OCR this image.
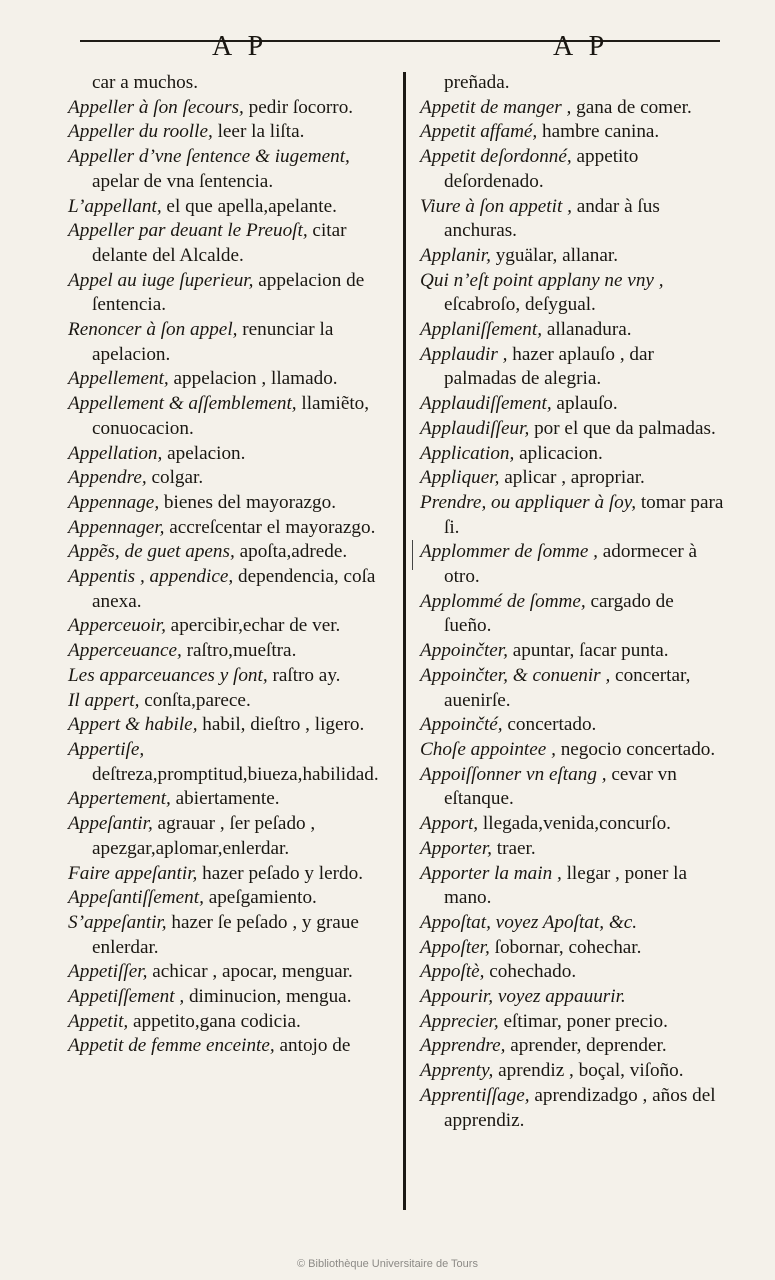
A P	A P

car a muchos.

Appeller à ſon ſecours, pedir ſocorro.

Appeller du roolle, leer la liſta.

Appeller d’vne ſentence & iugement, apelar de vna ſentencia.

L’appellant, el que apella,apelante.

Appeller par deuant le Preuoſt, citar delante del Alcalde.

Appel au iuge ſuperieur, appelacion de ſentencia.

Renoncer à ſon appel, renunciar la apelacion.

Appellement, appelacion , llamado.

Appellement & aſſemblement, llamiẽto, conuocacion.

Appellation, apelacion.

Appendre, colgar.

Appennage, bienes del mayorazgo.

Appennager, accreſcentar el mayorazgo.

Appẽs, de guet apens, apoſta,adrede.

Appentis , appendice, dependencia, coſa anexa.

Apperceuoir, apercibir,echar de ver.

Apperceuance, raſtro,mueſtra.

Les apparceuances y ſont, raſtro ay.

Il appert, conſta,parece.

Appert & habile, habil, dieſtro , ligero.

Appertiſe, deſtreza,promptitud,biueza,habilidad.

Appertement, abiertamente.

Appeſantir, agrauar , ſer peſado , apezgar,aplomar,enlerdar.

Faire appeſantir, hazer peſado y lerdo.

Appeſantiſſement, apeſgamiento.

S’appeſantir, hazer ſe peſado , y graue enlerdar.

Appetiſſer, achicar , apocar, menguar.

Appetiſſement , diminucion, mengua.

Appetit, appetito,gana codicia.

Appetit de femme enceinte, antojo de

preñada.

Appetit de manger , gana de comer.

Appetit affamé, hambre canina.

Appetit deſordonné, appetito deſordenado.

Viure à ſon appetit , andar à ſus anchuras.

Applanir, yguälar, allanar.

Qui n’eſt point applany ne vny , eſcabroſo, deſygual.

Applaniſſement, allanadura.

Applaudir , hazer aplauſo , dar palmadas de alegria.

Applaudiſſement, aplauſo.

Applaudiſſeur, por el que da palmadas.

Application, aplicacion.

Appliquer, aplicar , apropriar.

Prendre, ou appliquer à ſoy, tomar para ſi.

Applommer de ſomme , adormecer à otro.

Applommé de ſomme, cargado de ſueño.

Appoinčter, apuntar, ſacar punta.

Appoinčter, & conuenir , concertar, auenirſe.

Appoinčté, concertado.

Choſe appointee , negocio concertado.

Appoiſſonner vn eſtang , cevar vn eſtanque.

Apport, llegada,venida,concurſo.

Apporter, traer.

Apporter la main , llegar , poner la mano.

Appoſtat, voyez Apoſtat, &c.

Appoſter, ſobornar, cohechar.

Appoſtè, cohechado.

Appourir, voyez appauurir.

Apprecier, eſtimar, poner precio.

Apprendre, aprender, deprender.

Apprenty, aprendiz , boçal, viſoño.

Apprentiſſage, aprendizadgo , años del apprendiz.

© Bibliothèque Universitaire de Tours
